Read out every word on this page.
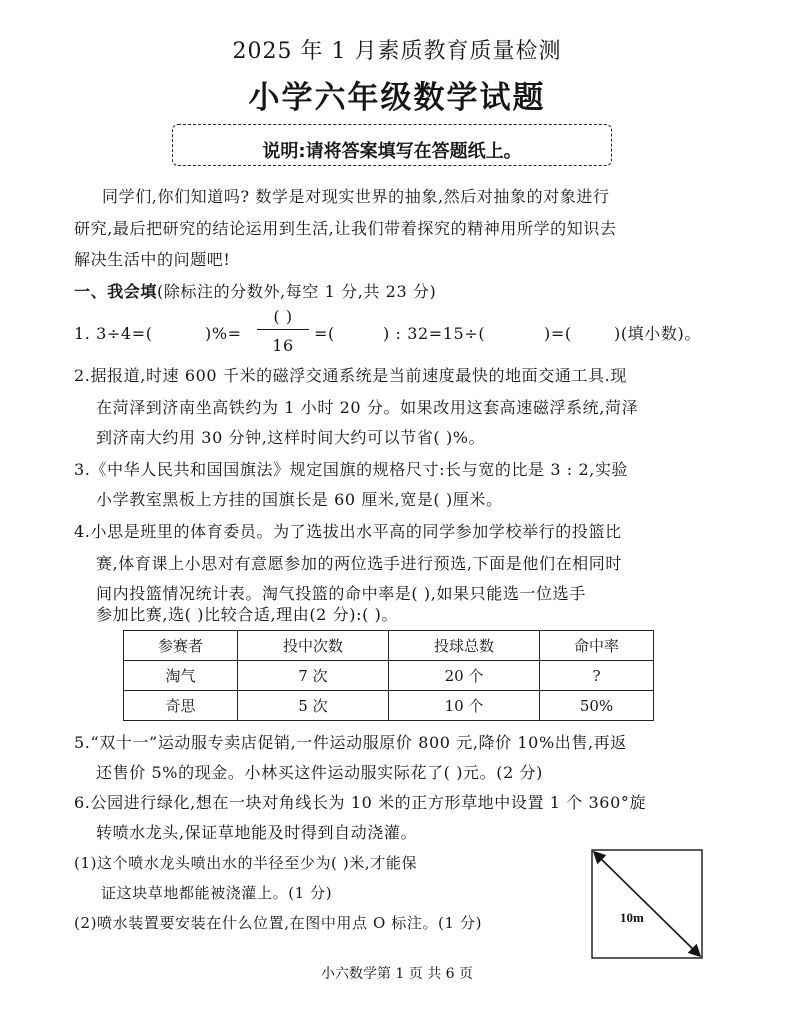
2025 年 1 月素质教育质量检测
小学六年级数学试题
说明:请将答案填写在答题纸上。
同学们,你们知道吗? 数学是对现实世界的抽象,然后对抽象的对象进行
研究,最后把研究的结论运用到生活,让我们带着探究的精神用所学的知识去
解决生活中的问题吧!
一、我会填(除标注的分数外,每空 1 分,共 23 分)
1. 3÷4=(	)%=
( )
16
=(	) : 32=15÷(	)=(	)(填小数)。
2.据报道,时速 600 千米的磁浮交通系统是当前速度最快的地面交通工具.现
在菏泽到济南坐高铁约为 1 小时 20 分。如果改用这套高速磁浮系统,菏泽
到济南大约用 30 分钟,这样时间大约可以节省( )%。
3.《中华人民共和国国旗法》规定国旗的规格尺寸:长与宽的比是 3 : 2,实验
小学教室黑板上方挂的国旗长是 60 厘米,宽是( )厘米。
4.小思是班里的体育委员。为了选拔出水平高的同学参加学校举行的投篮比
赛,体育课上小思对有意愿参加的两位选手进行预选,下面是他们在相同时
间内投篮情况统计表。淘气投篮的命中率是( ),如果只能选一位选手
参加比赛,选( )比较合适,理由(2 分):( )。
参赛者	投中次数	投球总数	命中率
淘气	7 次	20 个	?
奇思	5 次	10 个	50%
5.“双十一”运动服专卖店促销,一件运动服原价 800 元,降价 10%出售,再返
还售价 5%的现金。小林买这件运动服实际花了( )元。(2 分)
6.公园进行绿化,想在一块对角线长为 10 米的正方形草地中设置 1 个 360°旋
转喷水龙头,保证草地能及时得到自动浇灌。
(1)这个喷水龙头喷出水的半径至少为( )米,才能保
证这块草地都能被浇灌上。(1 分)
(2)喷水装置要安装在什么位置,在图中用点 O 标注。(1 分)	10m
小六数学第 1 页 共 6 页
